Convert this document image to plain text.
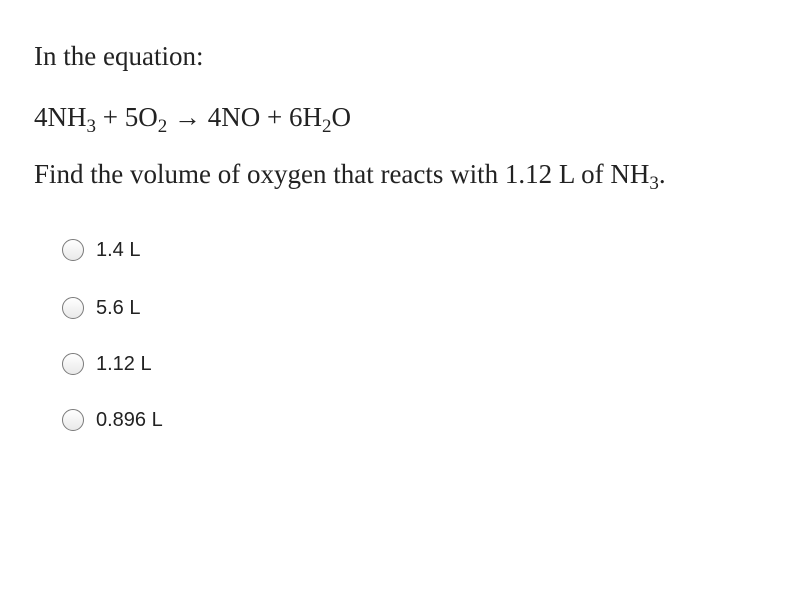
In the equation:
$4NH_3 + 5O_2 \to 4NO + 6H_2O$
Find the volume of oxygen that reacts with 1.12 L of $NH_3$.
1.4 L
5.6 L
1.12 L
0.896 L
